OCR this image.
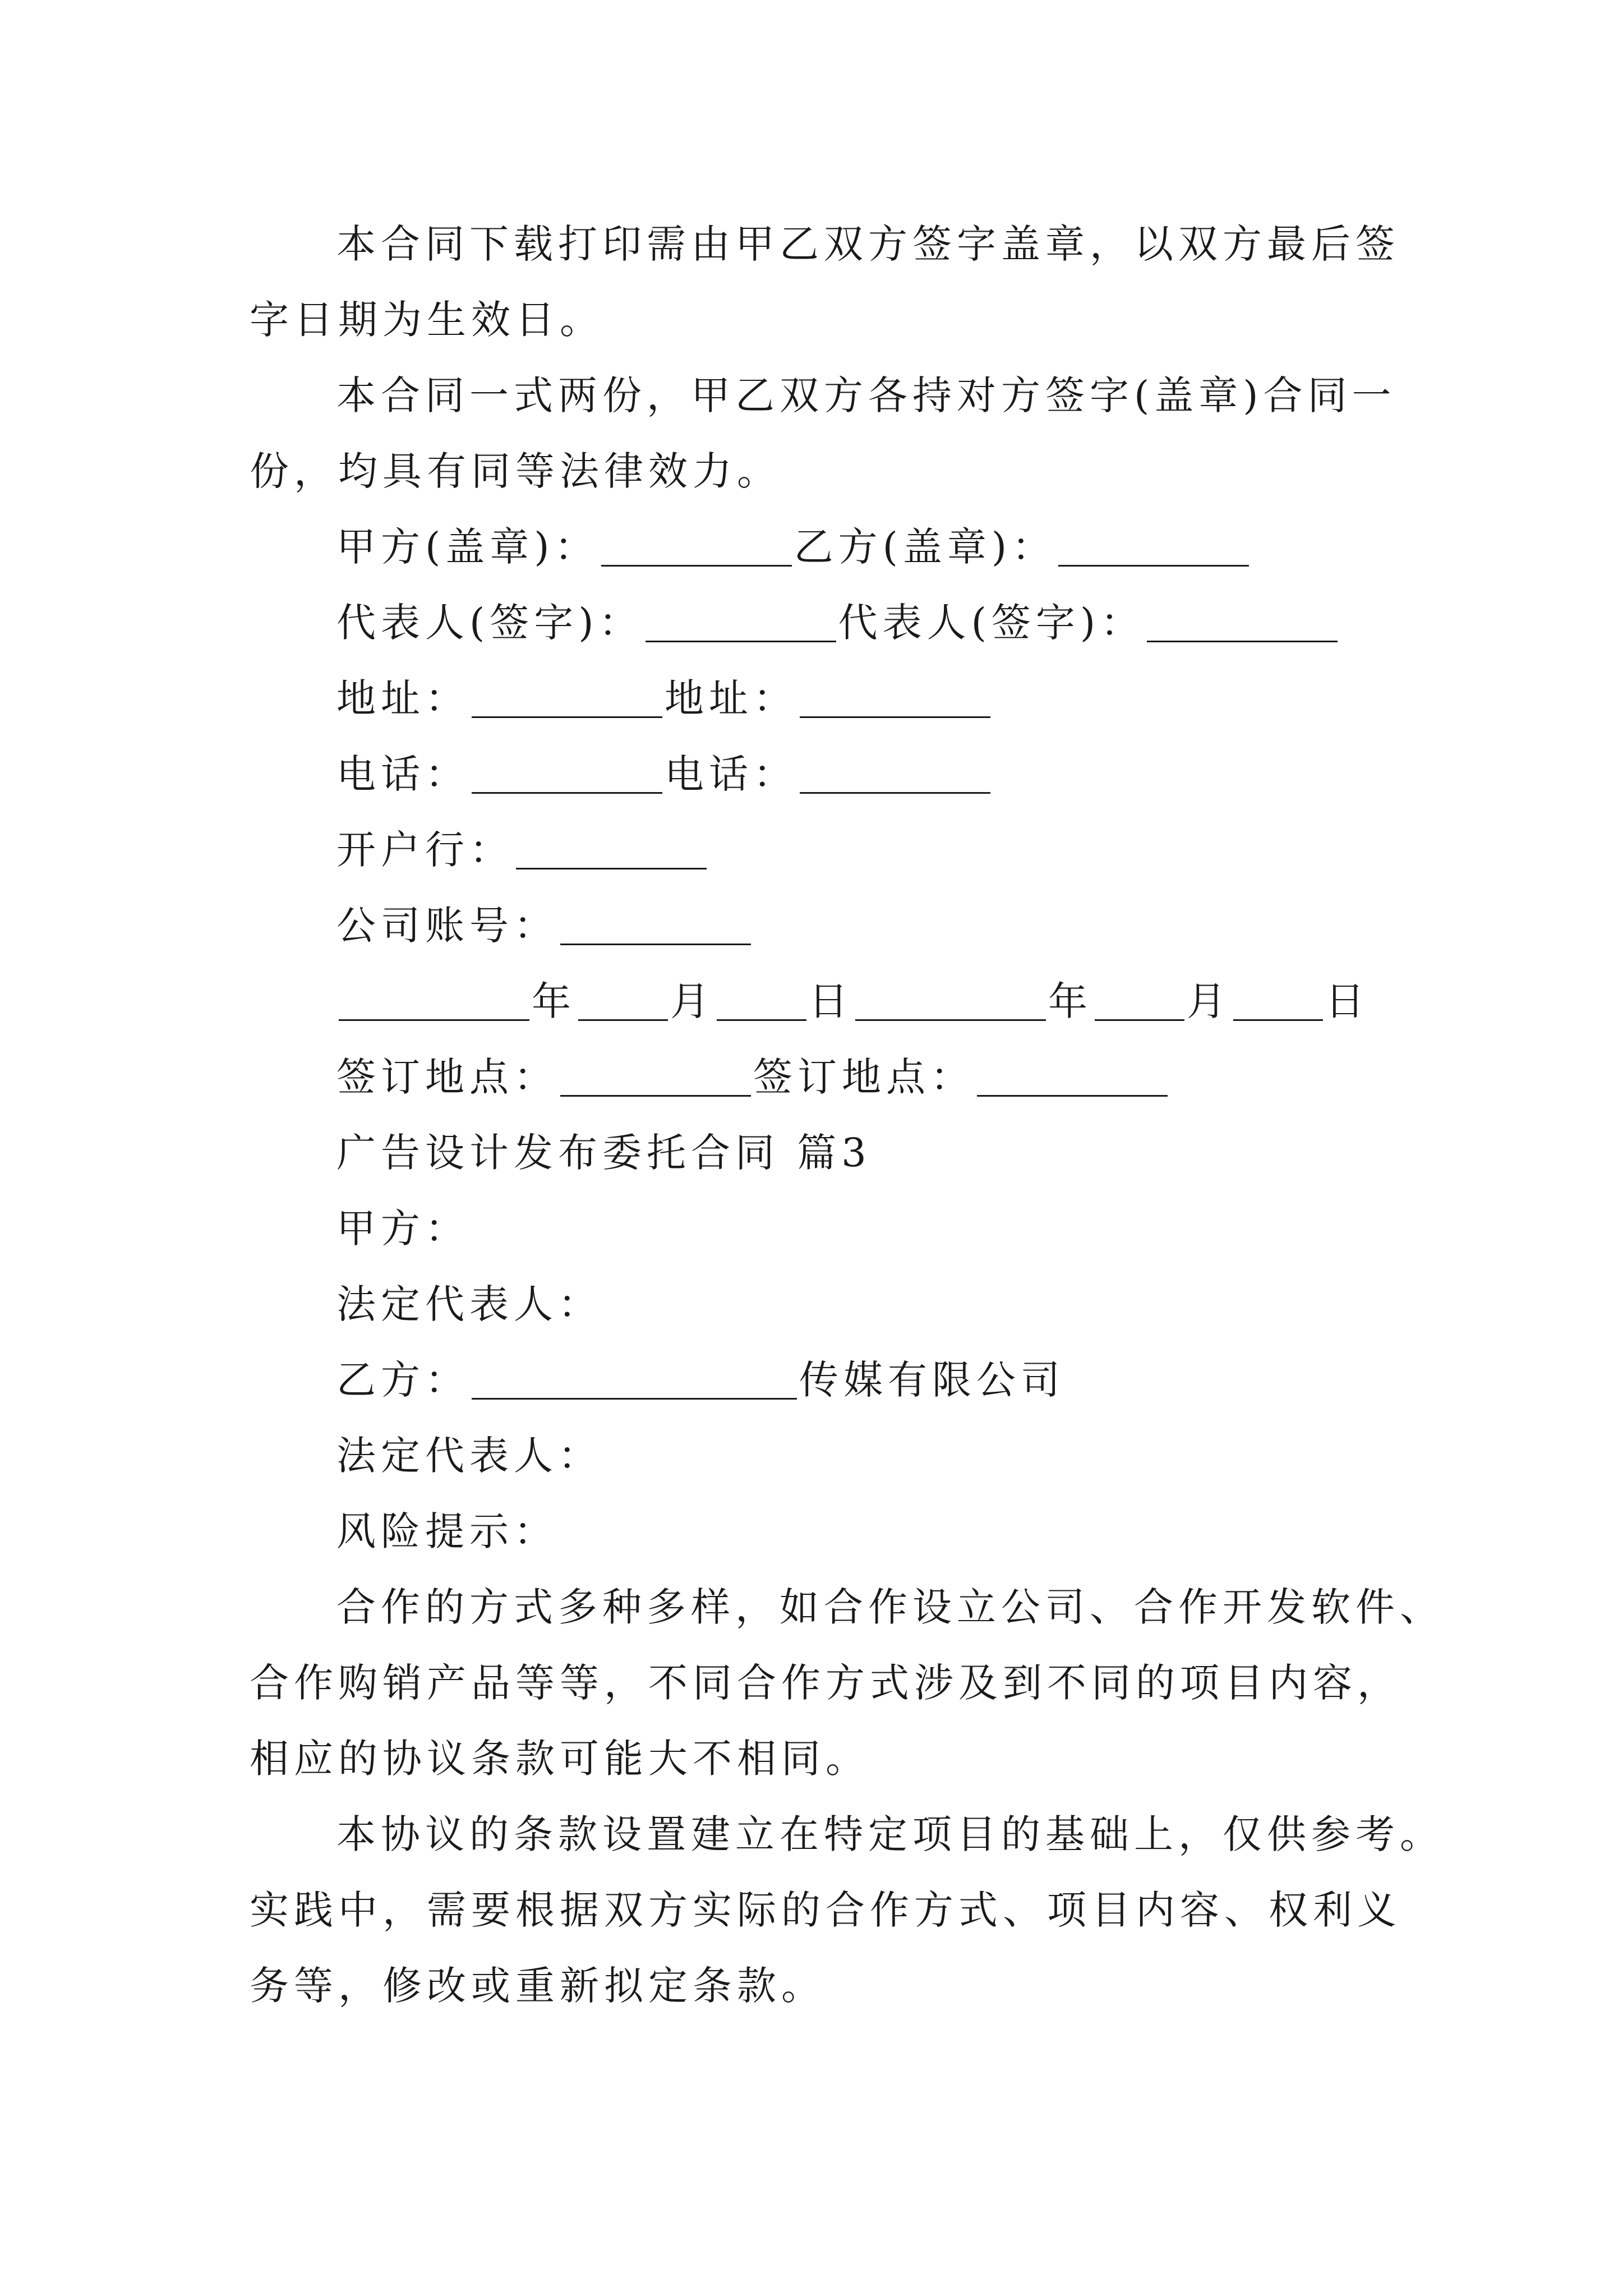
本合同下载打印需由甲乙双方签字盖章，以双方最后签
字日期为生效日。
本合同一式两份，甲乙双方各持对方签字(盖章)合同一
份，均具有同等法律效力。
甲方(盖章)：	乙方(盖章)：
代表人(签字)：	代表人(签字)：
地址：	地址：
电话：	电话：
开户行：
公司账号：
年 月 日	年 月 日
签订地点：	签订地点：
广告设计发布委托合同 篇3
甲方：
法定代表人：
乙方：	传媒有限公司
法定代表人：
风险提示：
合作的方式多种多样，如合作设立公司、合作开发软件、
合作购销产品等等，不同合作方式涉及到不同的项目内容，
相应的协议条款可能大不相同。
本协议的条款设置建立在特定项目的基础上，仅供参考。
实践中，需要根据双方实际的合作方式、项目内容、权利义
务等，修改或重新拟定条款。
